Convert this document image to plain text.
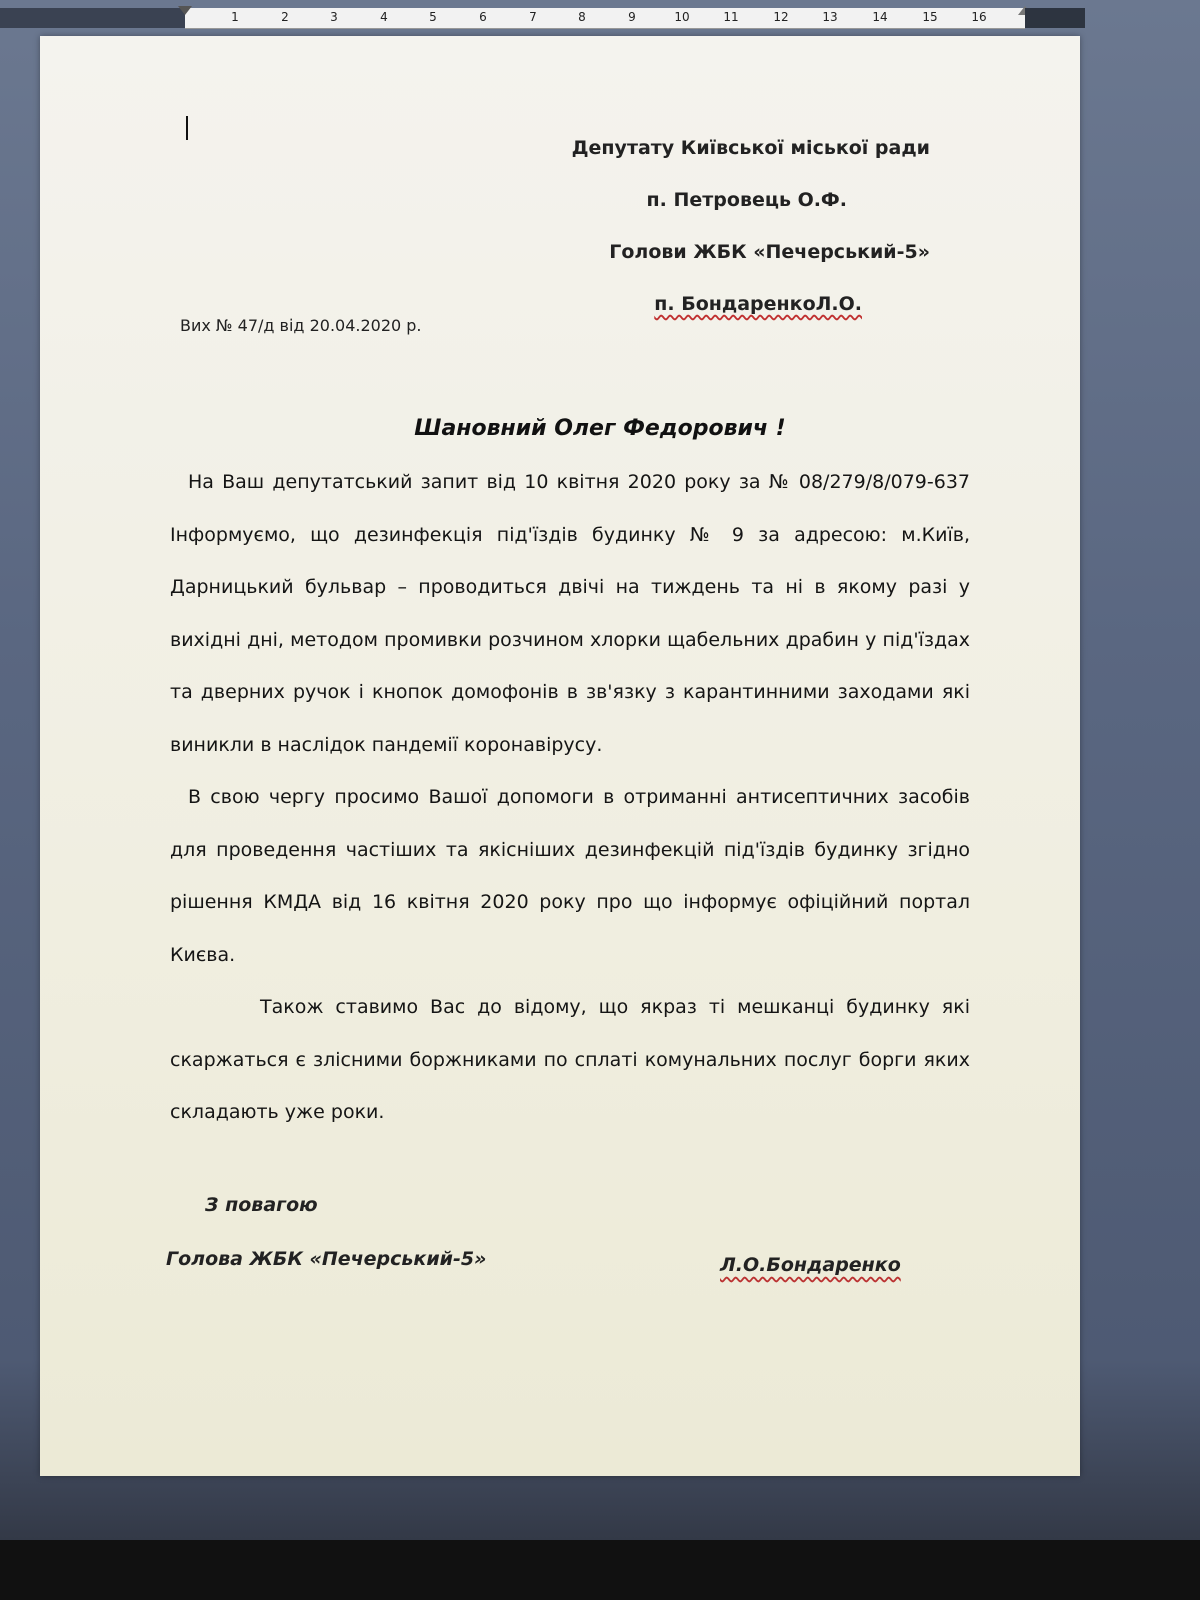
1	2	3	4	5	6	7	8	9	10	11	12	13	14	15	16
Депутату Київської міської ради
п. Петровець О.Ф.
Голови ЖБК «Печерський-5»
п. БондаренкоЛ.О.
Вих № 47/д від 20.04.2020 р.
Шановний Олег Федорович !

На Ваш депутатський запит від 10 квітня 2020 року за № 08/279/8/079-637 Інформуємо, що дезинфекція під'їздів будинку № 9 за адресою: м.Київ, Дарницький бульвар – проводиться двічі на тиждень та ні в якому разі у вихідні дні, методом промивки розчином хлорки щабельних драбин у під'їздах та дверних ручок і кнопок домофонів в зв'язку з карантинними заходами які виникли в наслідок пандемії коронавірусу.

В свою чергу просимо Вашої допомоги в отриманні антисептичних засобів для проведення частіших та якісніших дезинфекцій під'їздів будинку згідно рішення КМДА від 16 квітня 2020 року про що інформує офіційний портал Києва.

Також ставимо Вас до відому, що якраз ті мешканці будинку які скаржаться є злісними боржниками по сплаті комунальних послуг борги яких складають уже роки.

З повагою
Голова ЖБК «Печерський-5»	Л.О.Бондаренко
